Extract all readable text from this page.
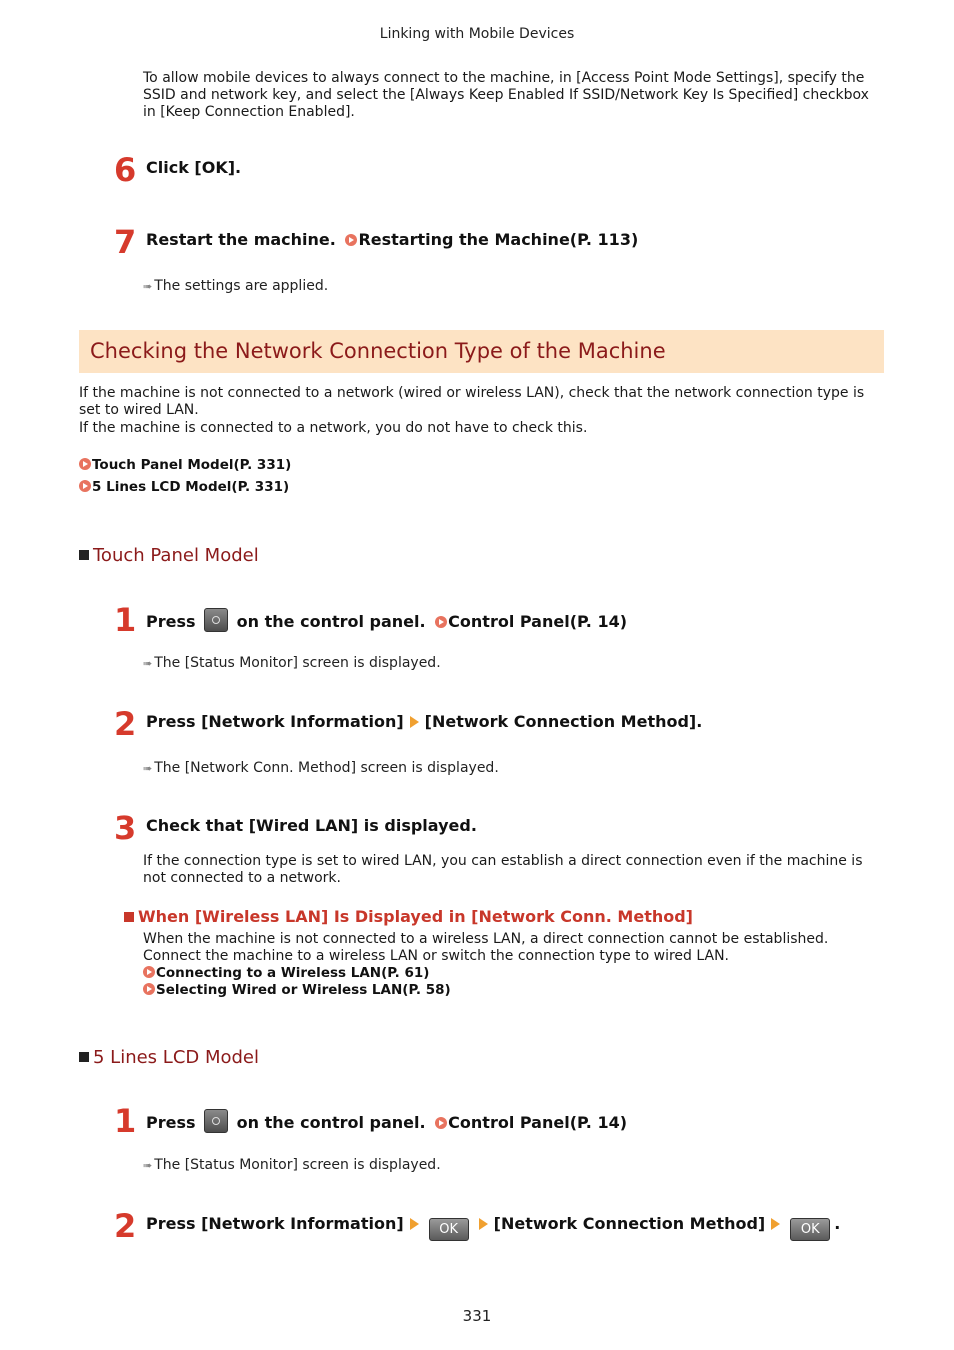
Linking with Mobile Devices
To allow mobile devices to always connect to the machine, in [Access Point Mode Settings], specify the SSID and network key, and select the [Always Keep Enabled If SSID/Network Key Is Specified] checkbox in [Keep Connection Enabled].
6 Click [OK].
7 Restart the machine. Restarting the Machine(P. 113)
➠ The settings are applied.
Checking the Network Connection Type of the Machine
If the machine is not connected to a network (wired or wireless LAN), check that the network connection type is set to wired LAN.
If the machine is connected to a network, you do not have to check this.
Touch Panel Model(P. 331)
5 Lines LCD Model(P. 331)
Touch Panel Model
1 Press	on the control panel. Control Panel(P. 14)
➠ The [Status Monitor] screen is displayed.
2 Press [Network Information] [Network Connection Method].
➠ The [Network Conn. Method] screen is displayed.
3 Check that [Wired LAN] is displayed.
If the connection type is set to wired LAN, you can establish a direct connection even if the machine is not connected to a network.
When [Wireless LAN] Is Displayed in [Network Conn. Method]
When the machine is not connected to a wireless LAN, a direct connection cannot be established. Connect the machine to a wireless LAN or switch the connection type to wired LAN.
Connecting to a Wireless LAN(P. 61)
Selecting Wired or Wireless LAN(P. 58)
5 Lines LCD Model
1 Press	on the control panel. Control Panel(P. 14)
➠ The [Status Monitor] screen is displayed.
2 Press [Network Information]	OK [Network Connection Method]	OK .
331
